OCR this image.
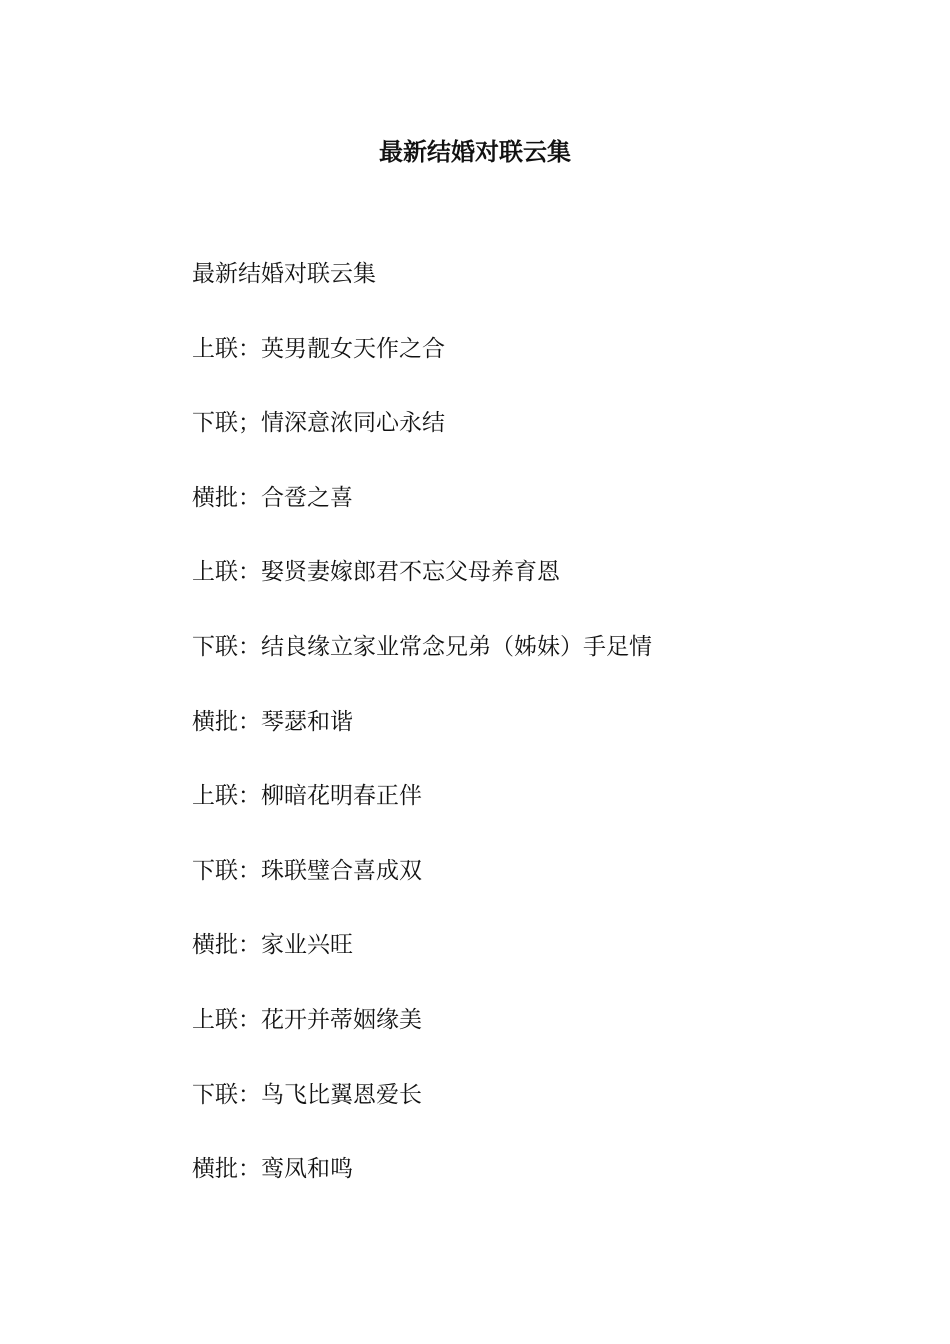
最新结婚对联云集
最新结婚对联云集
上联：英男靓女天作之合
下联；情深意浓同心永结
横批：合卺之喜
上联：娶贤妻嫁郎君不忘父母养育恩
下联：结良缘立家业常念兄弟（姊妹）手足情
横批：琴瑟和谐
上联：柳暗花明春正伴
下联：珠联璧合喜成双
横批：家业兴旺
上联：花开并蒂姻缘美
下联：鸟飞比翼恩爱长
横批：鸾凤和鸣
